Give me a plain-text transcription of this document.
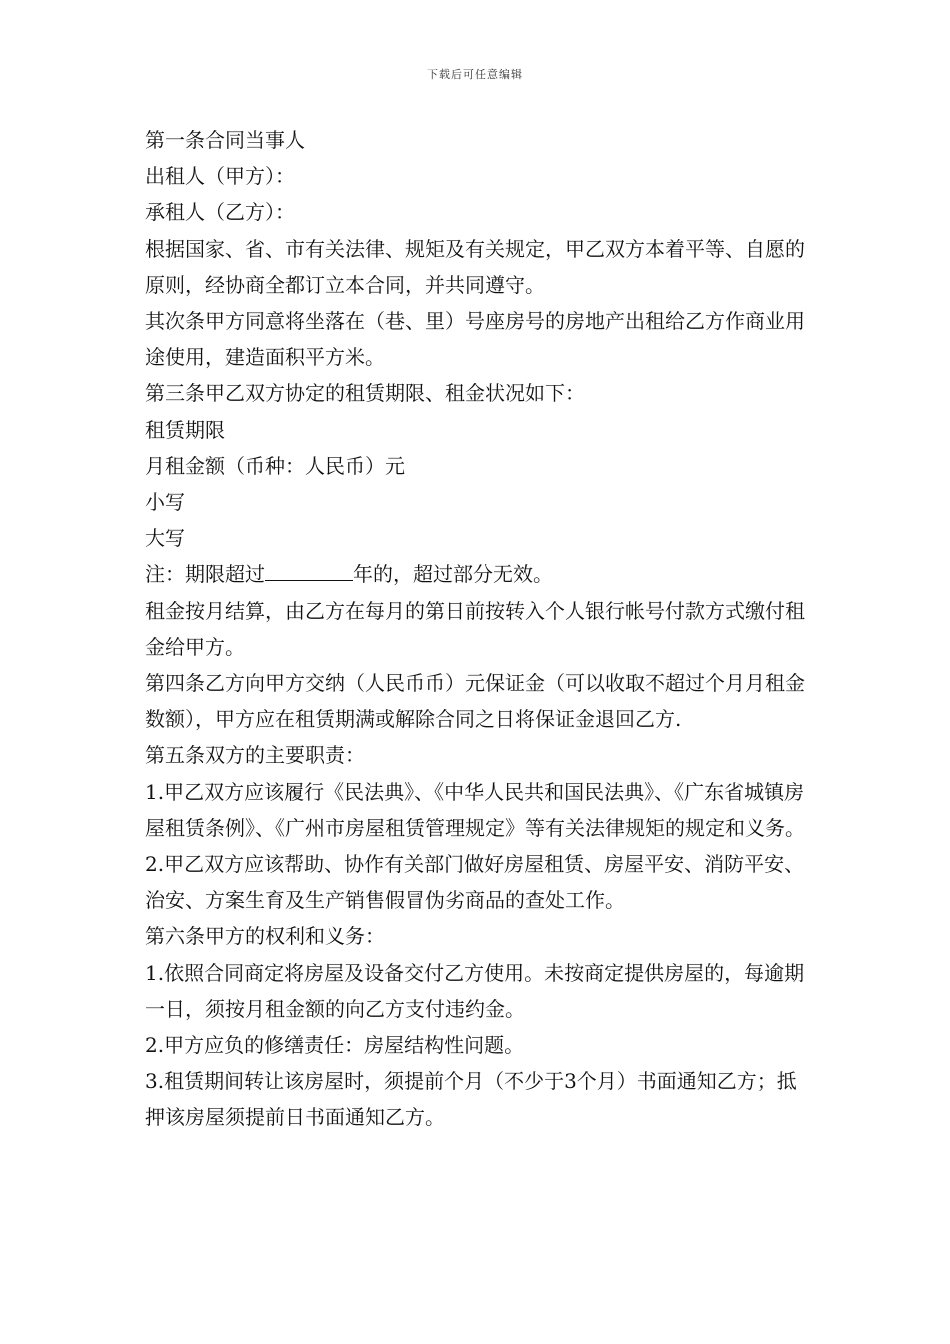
下载后可任意编辑

第一条合同当事人

出租人（甲方）：

承租人（乙方）：

根据国家、省、市有关法律、规矩及有关规定，甲乙双方本着平等、自愿的原则，经协商全都订立本合同，并共同遵守。

其次条甲方同意将坐落在（巷、里）号座房号的房地产出租给乙方作商业用途使用，建造面积平方米。

第三条甲乙双方协定的租赁期限、租金状况如下：

租赁期限

月租金额（币种：人民币）元

小写

大写

注：期限超过	年的，超过部分无效。

租金按月结算，由乙方在每月的第日前按转入个人银行帐号付款方式缴付租金给甲方。

第四条乙方向甲方交纳（人民币币）元保证金（可以收取不超过个月月租金数额），甲方应在租赁期满或解除合同之日将保证金退回乙方.

第五条双方的主要职责：

1.甲乙双方应该履行《民法典》、《中华人民共和国民法典》、《广东省城镇房屋租赁条例》、《广州市房屋租赁管理规定》等有关法律规矩的规定和义务。

2.甲乙双方应该帮助、协作有关部门做好房屋租赁、房屋平安、消防平安、治安、方案生育及生产销售假冒伪劣商品的查处工作。

第六条甲方的权利和义务：

1.依照合同商定将房屋及设备交付乙方使用。未按商定提供房屋的，每逾期一日，须按月租金额的向乙方支付违约金。

2.甲方应负的修缮责任：房屋结构性问题。

3.租赁期间转让该房屋时，须提前个月（不少于3个月）书面通知乙方；抵押该房屋须提前日书面通知乙方。
